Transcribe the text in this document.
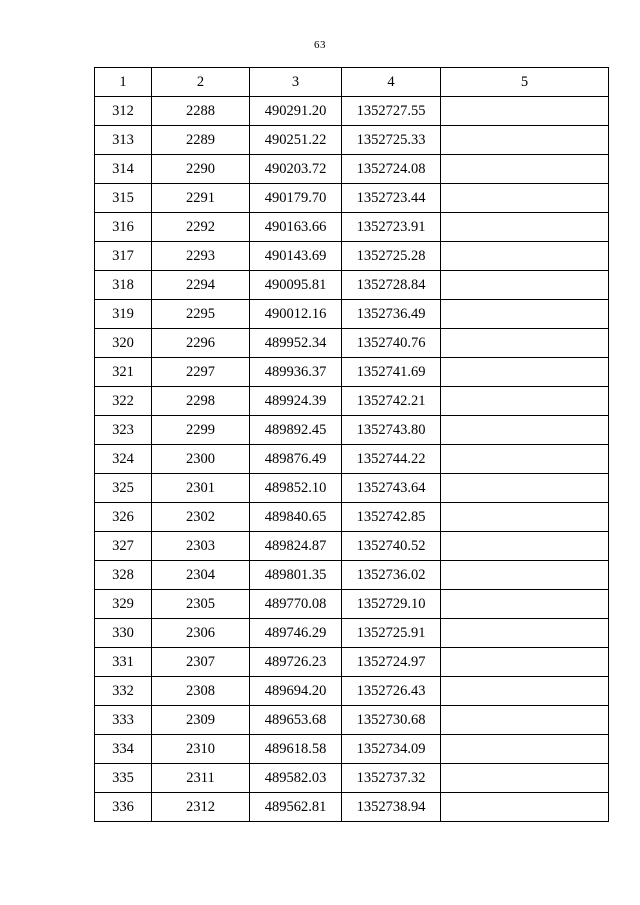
63
1	2	3	4	5
312	2288	490291.20	1352727.55	
313	2289	490251.22	1352725.33	
314	2290	490203.72	1352724.08	
315	2291	490179.70	1352723.44	
316	2292	490163.66	1352723.91	
317	2293	490143.69	1352725.28	
318	2294	490095.81	1352728.84	
319	2295	490012.16	1352736.49	
320	2296	489952.34	1352740.76	
321	2297	489936.37	1352741.69	
322	2298	489924.39	1352742.21	
323	2299	489892.45	1352743.80	
324	2300	489876.49	1352744.22	
325	2301	489852.10	1352743.64	
326	2302	489840.65	1352742.85	
327	2303	489824.87	1352740.52	
328	2304	489801.35	1352736.02	
329	2305	489770.08	1352729.10	
330	2306	489746.29	1352725.91	
331	2307	489726.23	1352724.97	
332	2308	489694.20	1352726.43	
333	2309	489653.68	1352730.68	
334	2310	489618.58	1352734.09	
335	2311	489582.03	1352737.32	
336	2312	489562.81	1352738.94	
